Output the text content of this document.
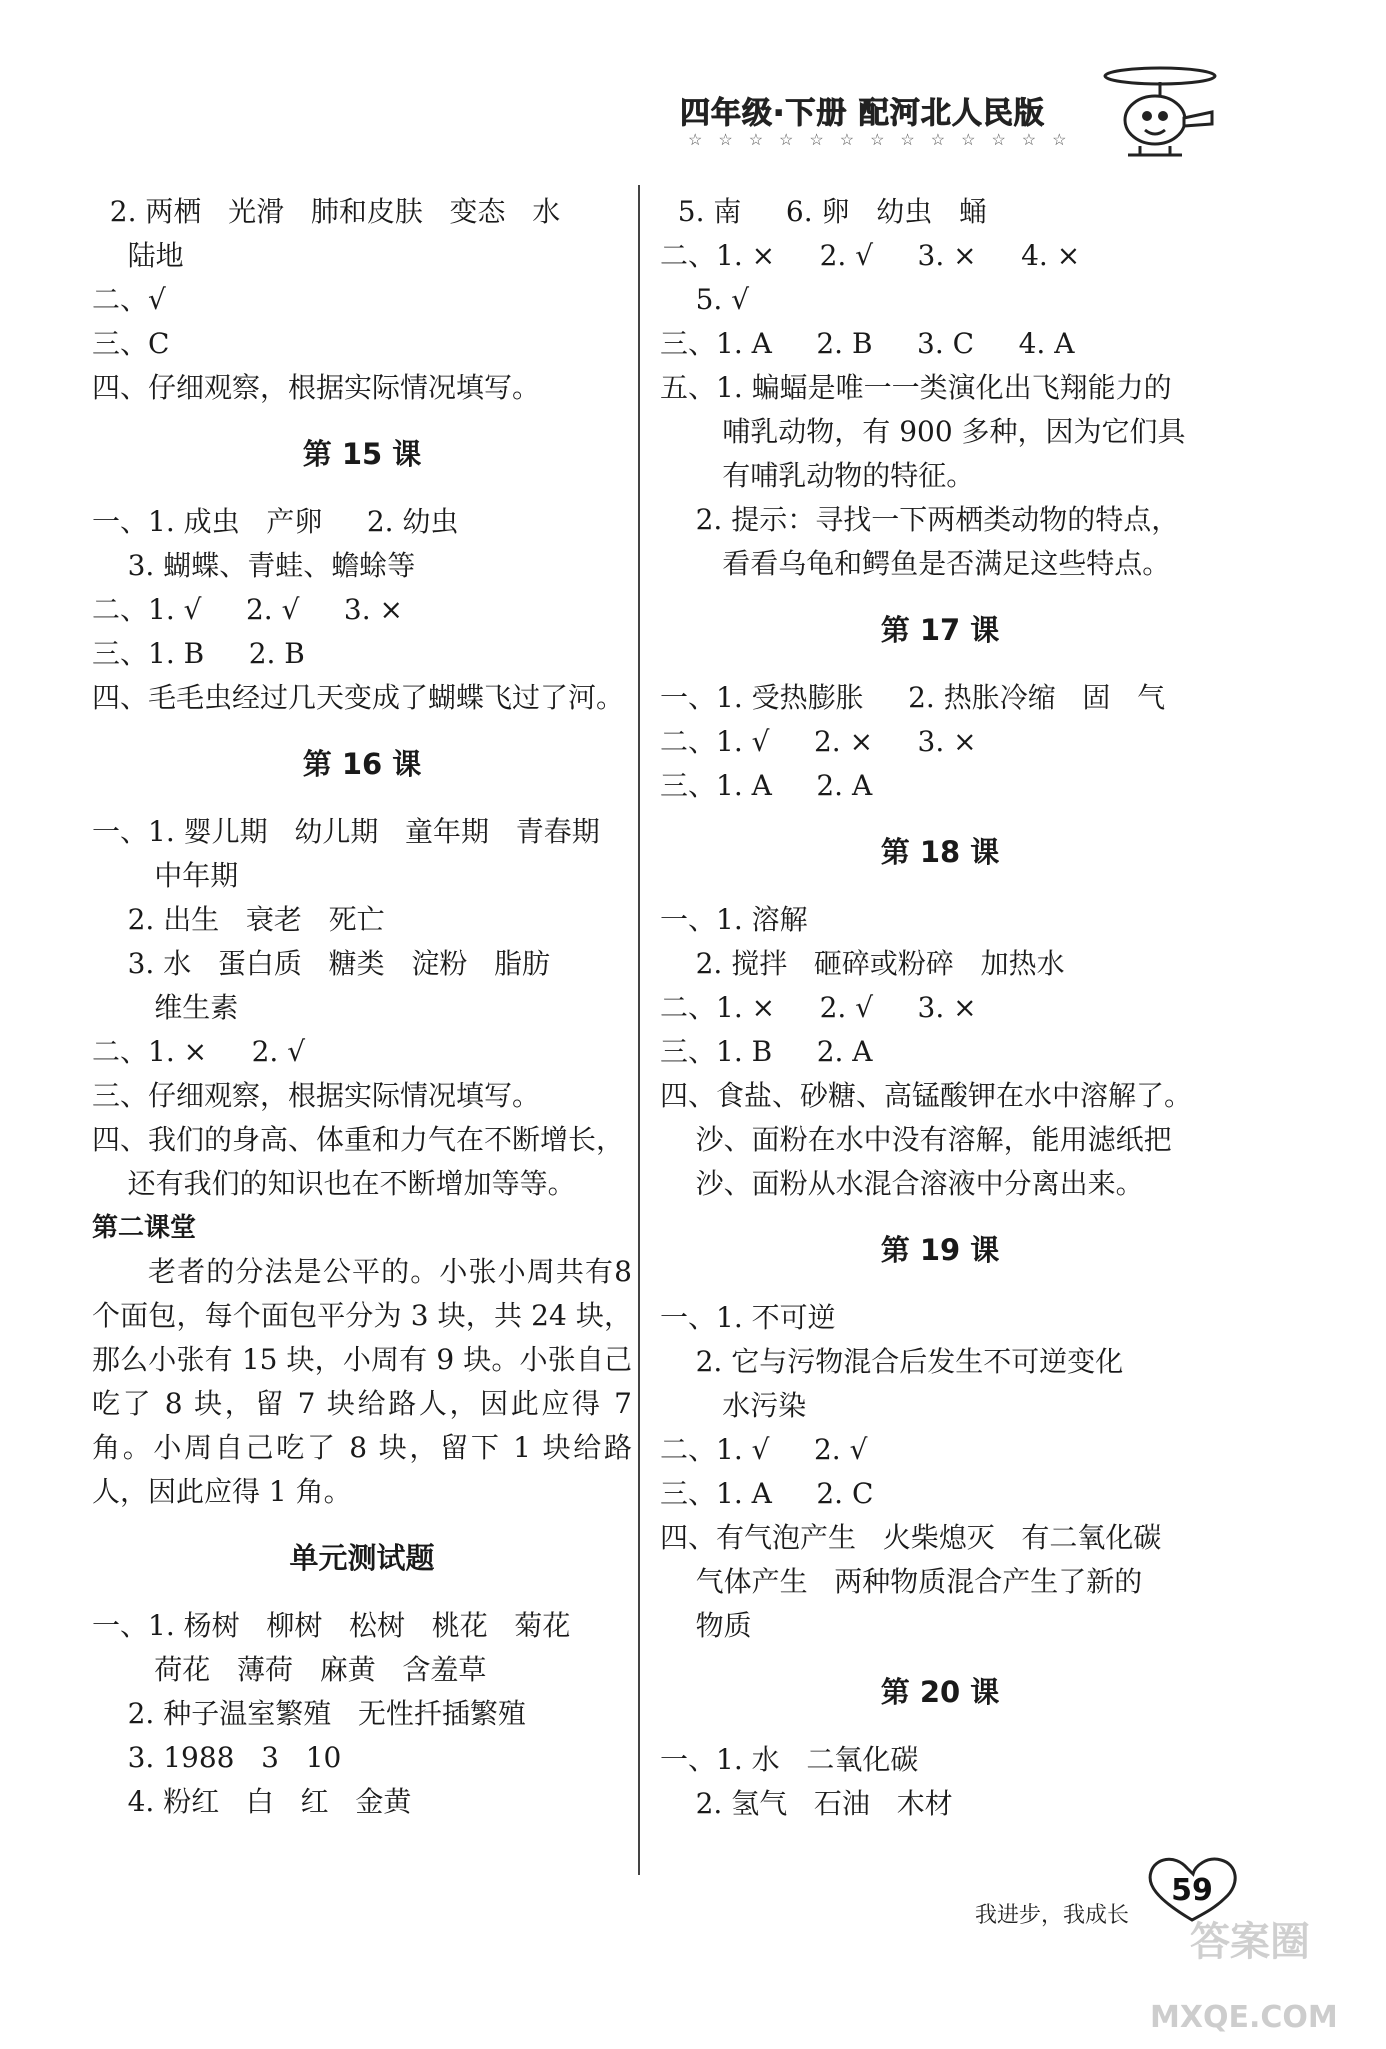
四年级·下册 配河北人民版
☆☆☆☆☆☆☆☆☆☆☆☆☆
2. 两栖   光滑   肺和皮肤   变态   水
陆地
二、√
三、C
四、仔细观察，根据实际情况填写。
第 15 课
一、1. 成虫   产卵     2. 幼虫
3. 蝴蝶、青蛙、蟾蜍等
二、1. √     2. √     3. ×
三、1. B     2. B
四、毛毛虫经过几天变成了蝴蝶飞过了河。
第 16 课
一、1. 婴儿期   幼儿期   童年期   青春期
中年期
2. 出生   衰老   死亡
3. 水   蛋白质   糖类   淀粉   脂肪
维生素
二、1. ×     2. √
三、仔细观察，根据实际情况填写。
四、我们的身高、体重和力气在不断增长，
还有我们的知识也在不断增加等等。
第二课堂
老者的分法是公平的。小张小周共有8个面包，每个面包平分为 3 块，共 24 块，那么小张有 15 块，小周有 9 块。小张自己吃了 8 块，留 7 块给路人，因此应得 7 角。小周自己吃了 8 块，留下 1 块给路人，因此应得 1 角。
单元测试题
一、1. 杨树   柳树   松树   桃花   菊花
荷花   薄荷   麻黄   含羞草
2. 种子温室繁殖   无性扦插繁殖
3. 1988   3   10
4. 粉红   白   红   金黄
5. 南     6. 卵   幼虫   蛹
二、1. ×     2. √     3. ×     4. ×
5. √
三、1. A     2. B     3. C     4. A
五、1. 蝙蝠是唯一一类演化出飞翔能力的
哺乳动物，有 900 多种，因为它们具
有哺乳动物的特征。
2. 提示：寻找一下两栖类动物的特点，
看看乌龟和鳄鱼是否满足这些特点。
第 17 课
一、1. 受热膨胀     2. 热胀冷缩   固   气
二、1. √     2. ×     3. ×
三、1. A     2. A
第 18 课
一、1. 溶解
2. 搅拌   砸碎或粉碎   加热水
二、1. ×     2. √     3. ×
三、1. B     2. A
四、食盐、砂糖、高锰酸钾在水中溶解了。
沙、面粉在水中没有溶解，能用滤纸把
沙、面粉从水混合溶液中分离出来。
第 19 课
一、1. 不可逆
2. 它与污物混合后发生不可逆变化
水污染
二、1. √     2. √
三、1. A     2. C
四、有气泡产生   火柴熄灭   有二氧化碳
气体产生   两种物质混合产生了新的
物质
第 20 课
一、1. 水   二氧化碳
2. 氢气   石油   木材
我进步，我成长
59
答案圈
MXQE.COM
